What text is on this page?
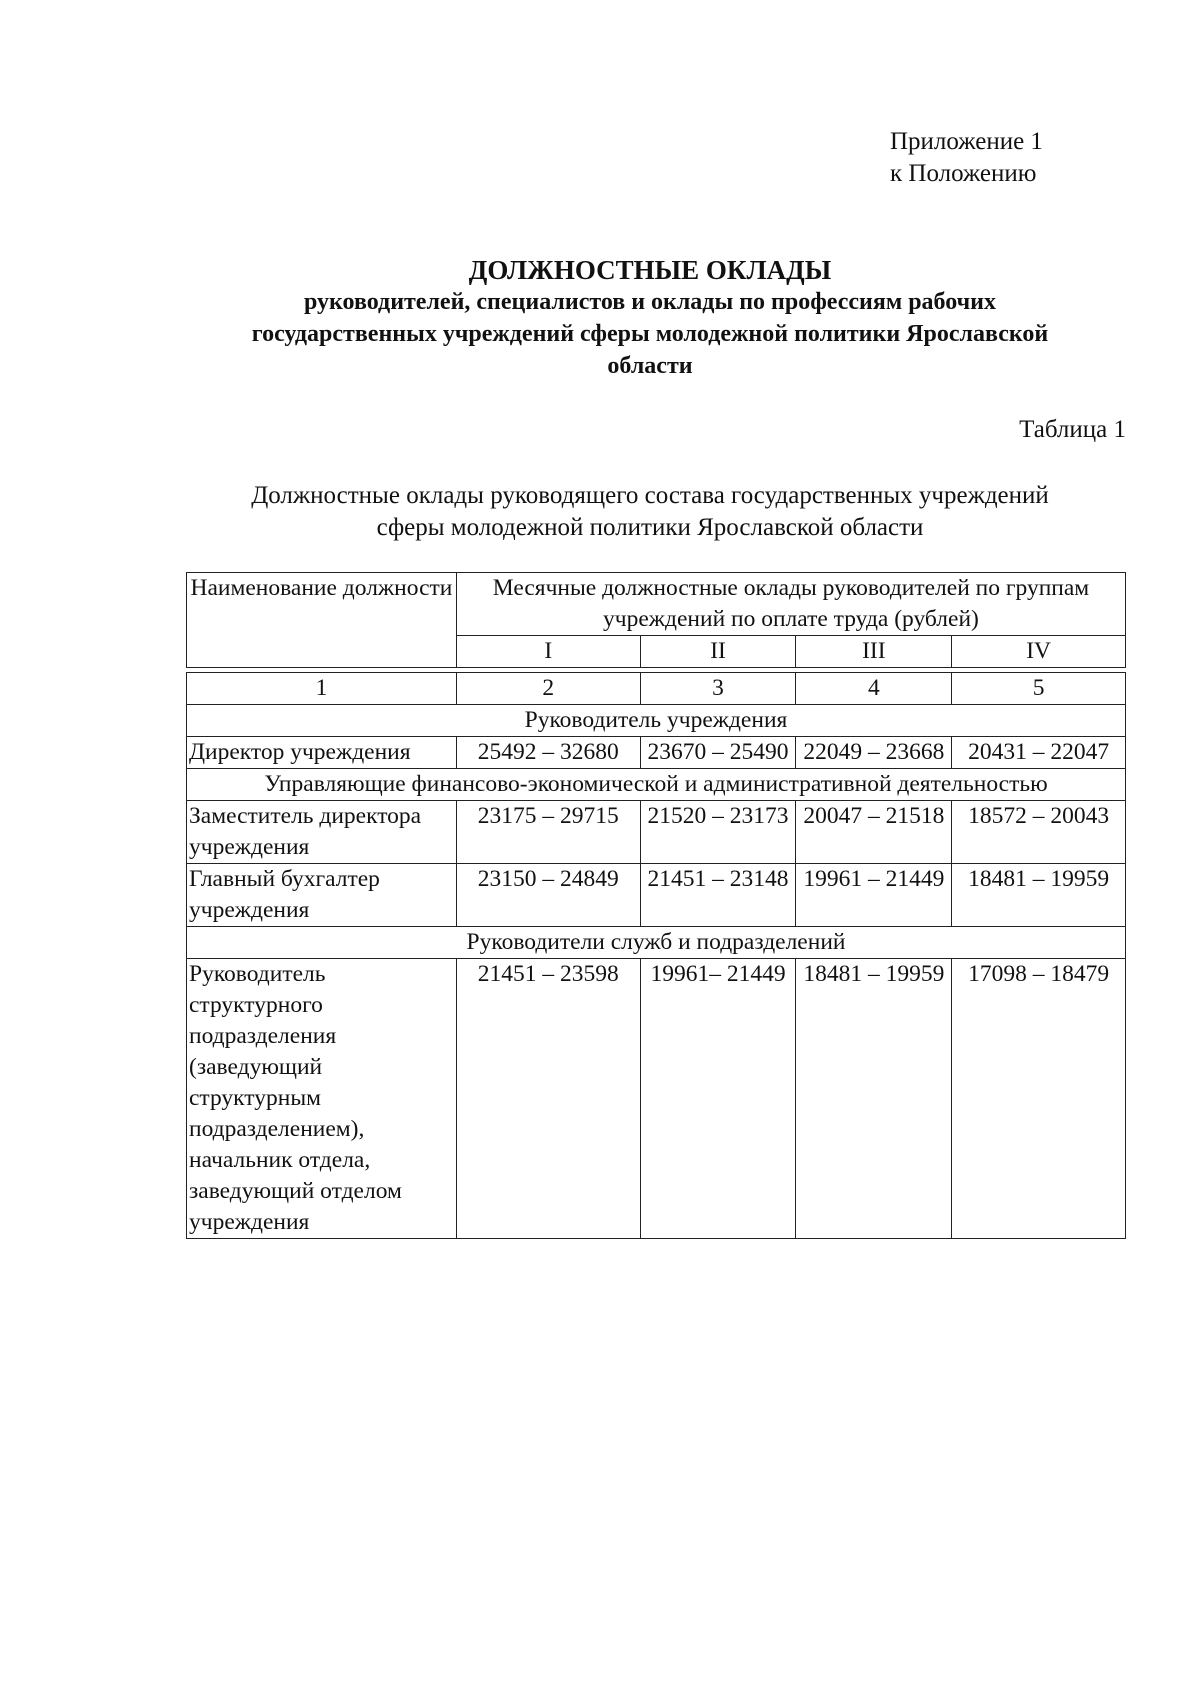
Приложение 1
к Положению
ДОЛЖНОСТНЫЕ ОКЛАДЫ
руководителей, специалистов и оклады по профессиям рабочих
государственных учреждений сферы молодежной политики Ярославской
области
Таблица 1
Должностные оклады руководящего состава государственных учреждений
сферы молодежной политики Ярославской области
Наименование должности	Месячные должностные оклады руководителей по группам учреждений по оплате труда (рублей)			
	I	II	III	IV

1	2	3	4	5
Руководитель учреждения				
Директор учреждения	25492 – 32680	23670 – 25490	22049 – 23668	20431 – 22047
Управляющие финансово-экономической и административной деятельностью				
Заместитель директора учреждения	23175 – 29715	21520 – 23173	20047 – 21518	18572 – 20043
Главный бухгалтер учреждения	23150 – 24849	21451 – 23148	19961 – 21449	18481 – 19959
Руководители служб и подразделений				
Руководитель структурного подразделения (заведующий структурным подразделением), начальник отдела, заведующий отделом учреждения	21451 – 23598	19961– 21449	18481 – 19959	17098 – 18479
